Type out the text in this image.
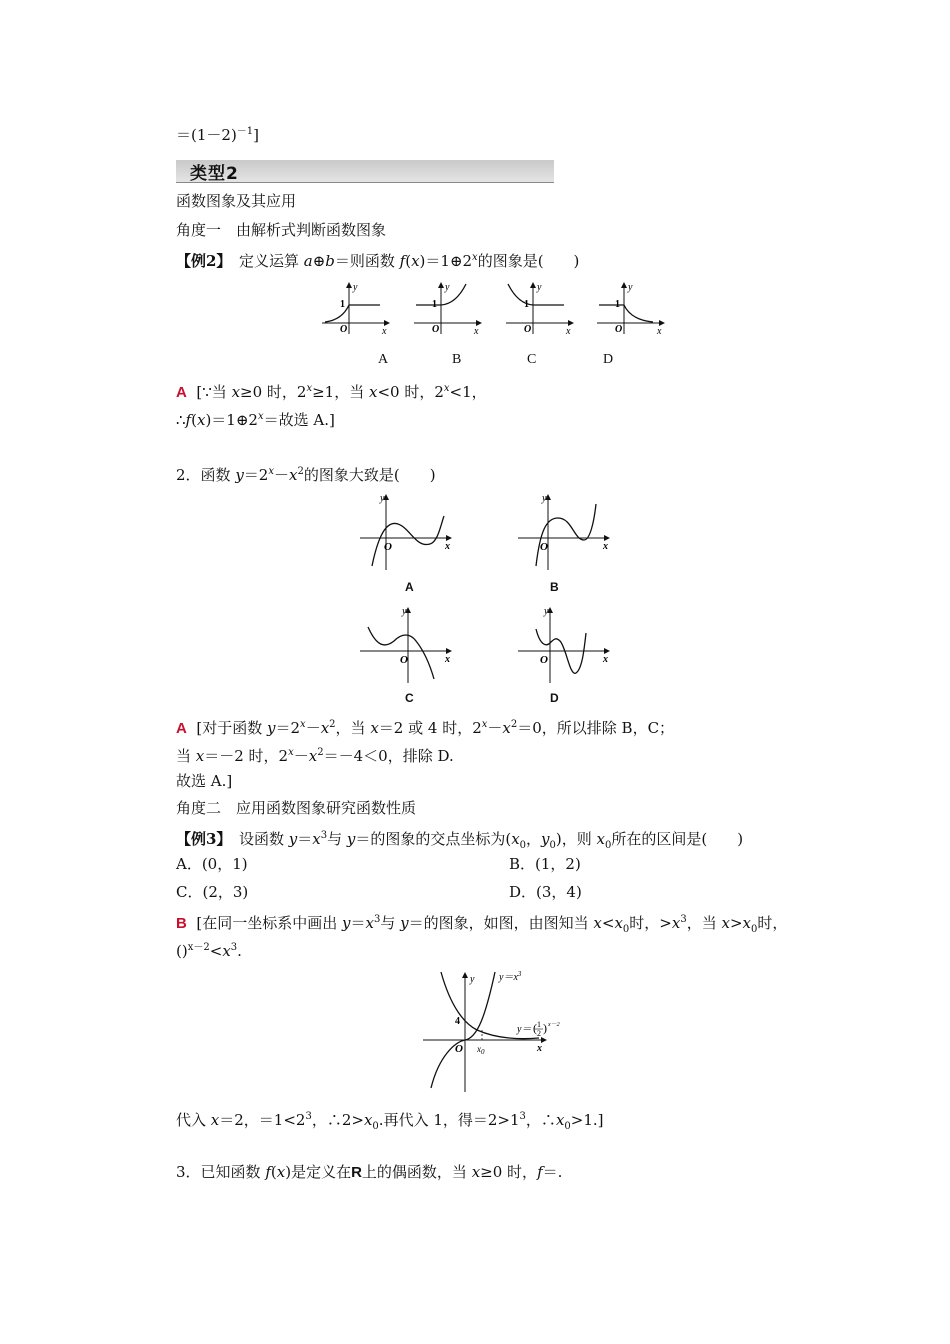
$=(1-2)^{-1}$]
类型2
函数图象及其应用
角度一　由解析式判断函数图象
【例2】　定义运算 a⊕b＝则函数 $f(x)=1\oplus 2^x$的图象是(　　)
y
1
O	x
y
1
O	x
y
1
O	x
y
1
O	x
A	B	C	D
A [∵当 x≥0 时，$2^x\ge 1$，当 x<0 时，$2^x<1$，
$\therefore f(x)=1\oplus 2^x=$故选 A.]
2．函数 $y=2^x-x^2$的图象大致是(　　)
y
O	x
y
O	x
y
O	x
y
O	x
A	B
C	D
A [对于函数 $y=2^x-x^2$，当 x＝2 或 4 时，$2^x-x^2=0$，所以排除 B，C；
当 x＝－2 时，$2^x-x^2=-4<0$，排除 D.
故选 A.]
角度二　应用函数图象研究函数性质
【例3】　设函数 $y=x^3$与 y＝的图象的交点坐标为($x_0$，$y_0$)，则 $x_0$所在的区间是(　　)
A．(0，1)	B．(1，2)
C．(2，3)	D．(3，4)
B [在同一坐标系中画出 $y=x^3$与 y＝的图象，如图，由图知当 $x<x_0$时，$>x^3$，当 $x>x_0$时，
$()^{x-2}<x^3$.
y $y=x^3$
4
O	x
$x_0$
y＝ 1
2
( ) x－2
代入 x＝2，$=1<2^3$，$\therefore 2>x_0$.再代入 1，得$=2>1^3$，$\therefore x_0>1$.]
3．已知函数 f(x)是定义在R上的偶函数，当 x≥0 时，f＝.
